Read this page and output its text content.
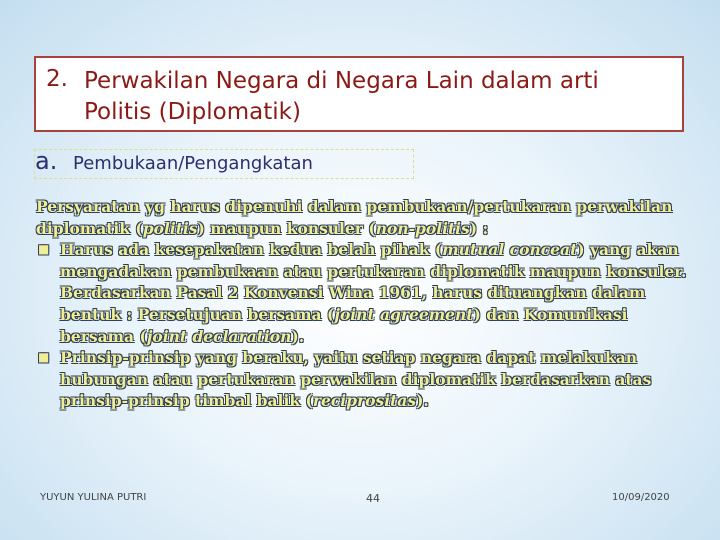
2. Perwakilan Negara di Negara Lain dalam arti
Politis (Diplomatik)
a. Pembukaan/Pengangkatan

Persyaratan yg harus dipenuhi dalam pembukaan/pertukaran perwakilan diplomatik (politis) maupun konsuler (non-politis) :

■ Harus ada kesepakatan kedua belah pihak (mutual conceat) yang akan mengadakan pembukaan atau pertukaran diplomatik maupun konsuler. Berdasarkan Pasal 2 Konvensi Wina 1961, harus dituangkan dalam bentuk : Persetujuan bersama (joint agreement) dan Komunikasi bersama (joint declaration).

■ Prinsip-prinsip yang beraku, yaitu setiap negara dapat melakukan hubungan atau pertukaran perwakilan diplomatik berdasarkan atas prinsip-prinsip timbal balik (reciprositas).

YUYUN YULINA PUTRI	44	10/09/2020
